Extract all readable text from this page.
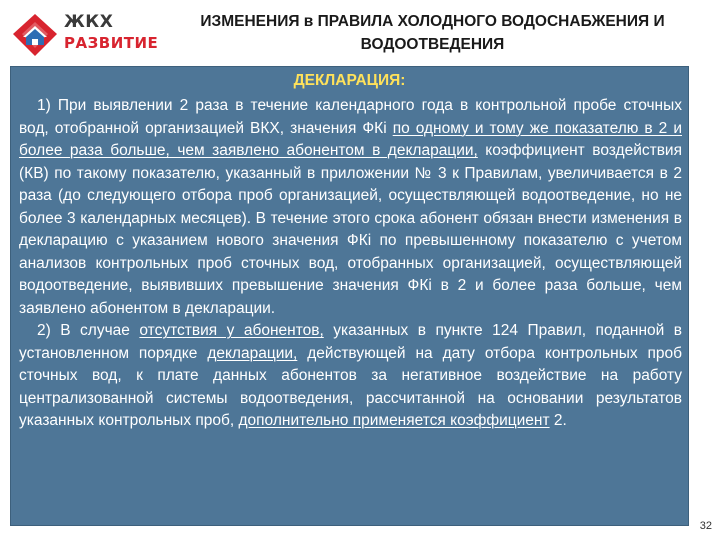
ЖКХ
РАЗВИТИЕ
ИЗМЕНЕНИЯ в ПРАВИЛА ХОЛОДНОГО ВОДОСНАБЖЕНИЯ И ВОДООТВЕДЕНИЯ
ДЕКЛАРАЦИЯ:

1) При выявлении 2 раза в течение календарного года в контрольной пробе сточных вод, отобранной организацией ВКХ, значения ФКi по одному и тому же показателю в 2 и более раза больше, чем заявлено абонентом в декларации, коэффициент воздействия (КВ) по такому показателю, указанный в приложении № 3 к Правилам, увеличивается в 2 раза (до следующего отбора проб организацией, осуществляющей водоотведение, но не более 3 календарных месяцев). В течение этого срока абонент обязан внести изменения в декларацию с указанием нового значения ФКi по превышенному показателю с учетом анализов контрольных проб сточных вод, отобранных организацией, осуществляющей водоотведение, выявивших превышение значения ФКi в 2 и более раза больше, чем заявлено абонентом в декларации.

2) В случае отсутствия у абонентов, указанных в пункте 124 Правил, поданной в установленном порядке декларации, действующей на дату отбора контрольных проб сточных вод, к плате данных абонентов за негативное воздействие на работу централизованной системы водоотведения, рассчитанной на основании результатов указанных контрольных проб, дополнительно применяется коэффициент 2.

32
